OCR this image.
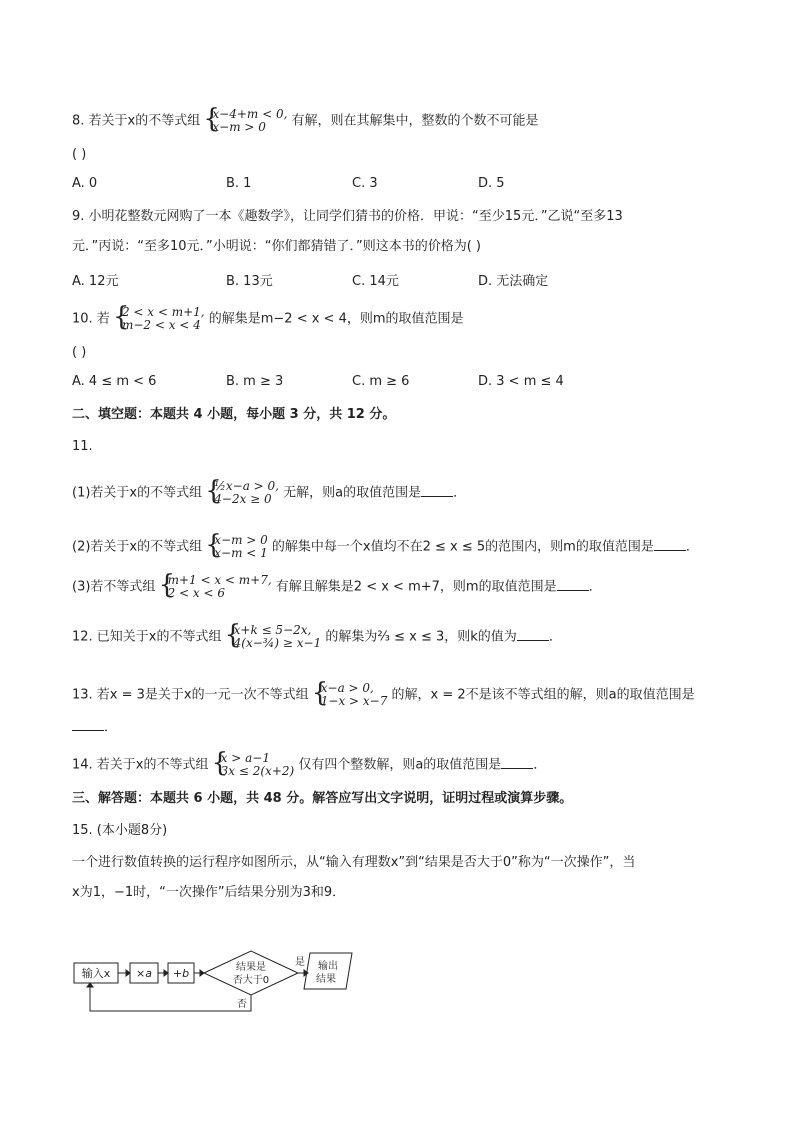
8. 若关于x的不等式组 { x−4+m < 0,
x−m > 0	有解，则在其解集中，整数的个数不可能是
( )
A. 0	B. 1	C. 3	D. 5
9. 小明花整数元网购了一本《趣数学》，让同学们猜书的价格．甲说：“至少15元．”乙说“至多13
元．”丙说：“至多10元．”小明说：“你们都猜错了．”则这本书的价格为( )
A. 12元	B. 13元	C. 14元	D. 无法确定
10. 若 { 2 < x < m+1,
m−2 < x < 4 的解集是m−2 < x < 4，则m的取值范围是
( )
A. 4 ≤ m < 6	B. m ≥ 3	C. m ≥ 6	D. 3 < m ≤ 4
二、填空题：本题共 4 小题，每小题 3 分，共 12 分。
11.
(1)若关于x的不等式组 { ½x−a > 0,
4−2x ≥ 0 无解，则a的取值范围是 ．
(2)若关于x的不等式组 { x−m > 0
x−m < 1 的解集中每一个x值均不在2 ≤ x ≤ 5的范围内，则m的取值范围是 ．
(3)若不等式组 { m+1 < x < m+7,
2 < x < 6	有解且解集是2 < x < m+7，则m的取值范围是 ．
12. 已知关于x的不等式组 { x+k ≤ 5−2x,
4(x−¾) ≥ x−1 的解集为⅔ ≤ x ≤ 3，则k的值为 ．
13. 若x = 3是关于x的一元一次不等式组 { x−a > 0,
1−x > x−7 的解，x = 2不是该不等式组的解，则a的取值范围是
．
14. 若关于x的不等式组 { x > a−1
3x ≤ 2(x+2) 仅有四个整数解，则a的取值范围是 ．
三、解答题：本题共 6 小题，共 48 分。解答应写出文字说明，证明过程或演算步骤。
15. (本小题8分)
一个进行数值转换的运行程序如图所示，从“输入有理数x”到“结果是否大于0”称为“一次操作”，当
x为1，−1时，“一次操作”后结果分别为3和9．
输入x ×a +b	结果是
否大于0
是 输出
结果
否
